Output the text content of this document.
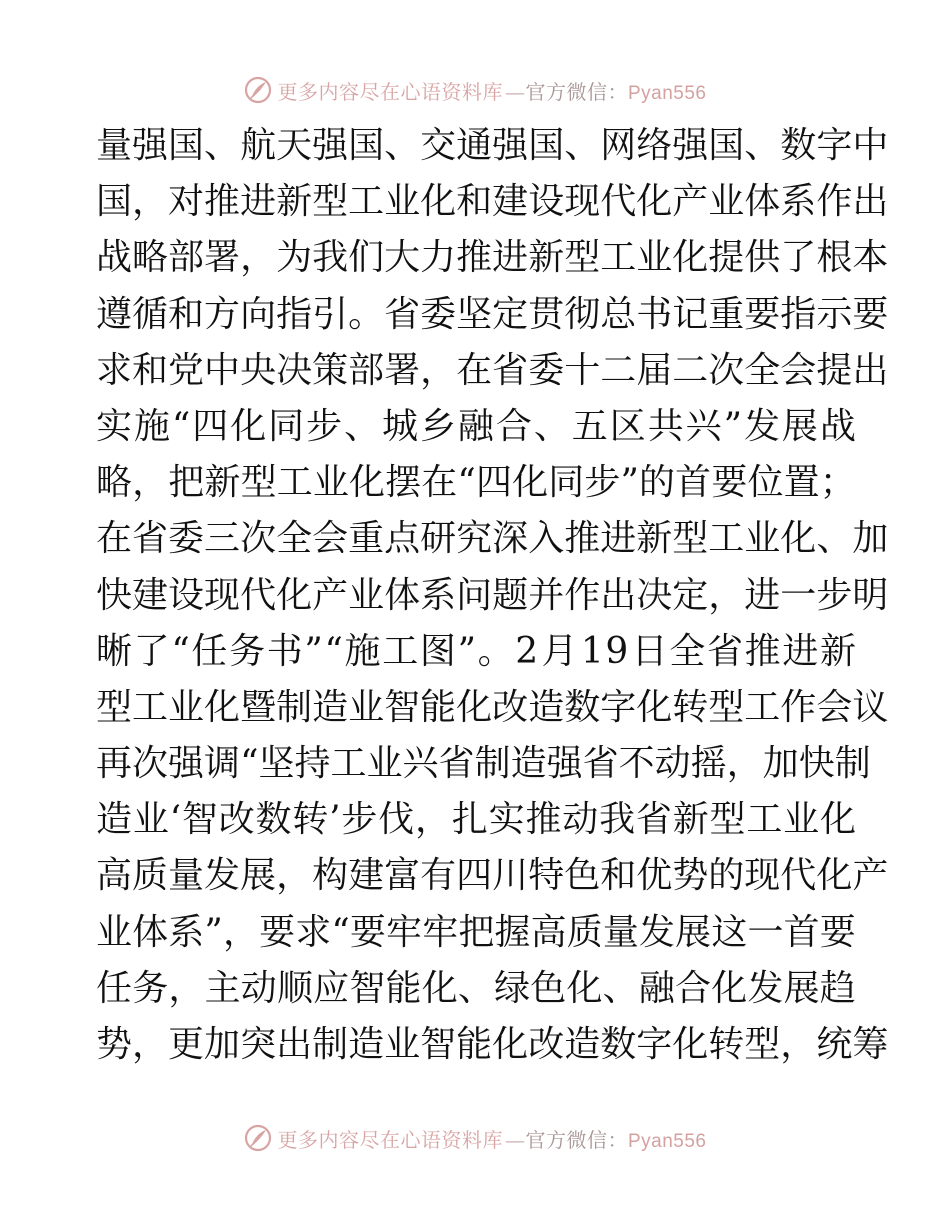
更多内容尽在心语资料库 —官方微信：Pyan556
量 强 国 、 航 天 强 国 、 交 通 强 国 、 网 络 强 国 、 数 字 中
国 ， 对 推 进 新 型 工 业 化 和 建 设 现 代 化 产 业 体 系 作 出
战 略 部 署 ， 为 我 们 大 力 推 进 新 型 工 业 化 提 供 了 根 本
遵 循 和 方 向 指 引 。 省 委 坚 定 贯 彻 总 书 记 重 要 指 示 要
求 和 党 中 央 决 策 部 署 ， 在 省 委 十 二 届 二 次 全 会 提 出
实 施 “ 四 化 同 步 、 城 乡 融 合 、 五 区 共 兴 ” 发 展 战
略 ， 把 新 型 工 业 化 摆 在 “ 四 化 同 步 ” 的 首 要 位 置 ；
在 省 委 三 次 全 会 重 点 研 究 深 入 推 进 新 型 工 业 化 、 加
快 建 设 现 代 化 产 业 体 系 问 题 并 作 出 决 定 ， 进 一 步 明
晰 了 “ 任 务 书 ” “ 施 工 图 ” 。 2 月 1 9 日 全 省 推 进 新
型 工 业 化 暨 制 造 业 智 能 化 改 造 数 字 化 转 型 工 作 会 议
再 次 强 调 “ 坚 持 工 业 兴 省 制 造 强 省 不 动 摇 ， 加 快 制
造 业 ‘ 智 改 数 转 ’ 步 伐 ， 扎 实 推 动 我 省 新 型 工 业 化
高 质 量 发 展 ， 构 建 富 有 四 川 特 色 和 优 势 的 现 代 化 产
业 体 系 ” ， 要 求 “ 要 牢 牢 把 握 高 质 量 发 展 这 一 首 要
任 务 ， 主 动 顺 应 智 能 化 、 绿 色 化 、 融 合 化 发 展 趋
势 ， 更 加 突 出 制 造 业 智 能 化 改 造 数 字 化 转 型 ， 统 筹
更多内容尽在心语资料库 —官方微信：Pyan556
